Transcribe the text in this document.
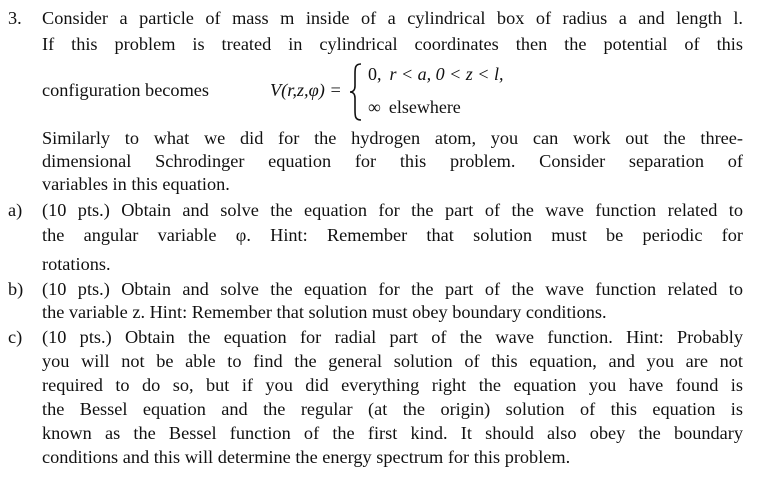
3. Consider a particle of mass m inside of a cylindrical box of radius a and length l.
If this problem is treated in cylindrical coordinates then the potential of this
configuration becomes	V(r,z,φ) =
0, r < a, 0 < z < l,
∞ elsewhere
Similarly to what we did for the hydrogen atom, you can work out the three-
dimensional Schrodinger equation for this problem. Consider separation of
variables in this equation.
a) (10 pts.) Obtain and solve the equation for the part of the wave function related to
the angular variable φ. Hint: Remember that solution must be periodic for
rotations.
b) (10 pts.) Obtain and solve the equation for the part of the wave function related to
the variable z. Hint: Remember that solution must obey boundary conditions.
c) (10 pts.) Obtain the equation for radial part of the wave function. Hint: Probably
you will not be able to find the general solution of this equation, and you are not
required to do so, but if you did everything right the equation you have found is
the Bessel equation and the regular (at the origin) solution of this equation is
known as the Bessel function of the first kind. It should also obey the boundary
conditions and this will determine the energy spectrum for this problem.
